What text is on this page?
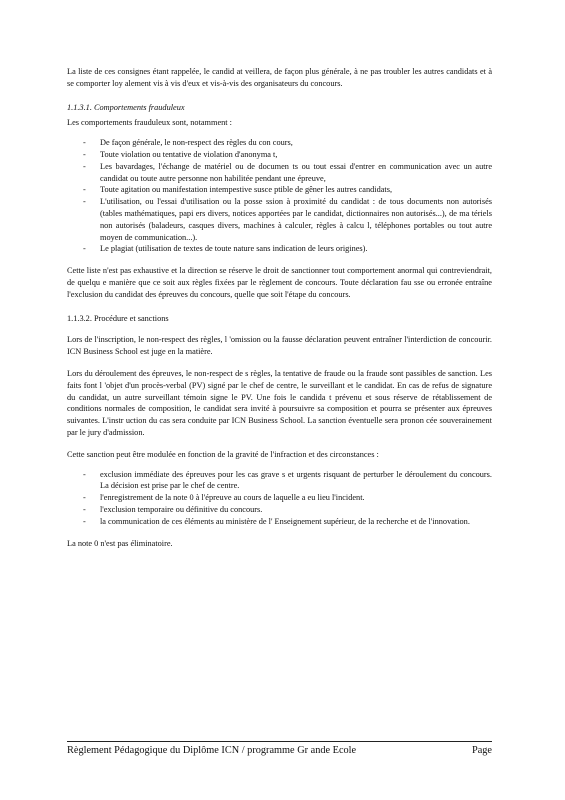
La liste de ces consignes étant rappelée, le candid at veillera, de façon plus générale, à ne pas troubler les autres candidats et à se comporter loy alement vis à vis d'eux et vis-à-vis des organisateurs du concours.

1.1.3.1. Comportements frauduleux

Les comportements frauduleux sont, notamment :

- De façon générale, le non-respect des règles du con cours,
- Toute violation ou tentative de violation d'anonyma t,
- Les bavardages, l'échange de matériel ou de documen ts ou tout essai d'entrer en communication avec un autre candidat ou toute autre personne non habilitée pendant une épreuve,
- Toute agitation ou manifestation intempestive susce ptible de gêner les autres candidats,
- L'utilisation, ou l'essai d'utilisation ou la posse ssion à proximité du candidat : de tous documents non autorisés (tables mathématiques, papi ers divers, notices apportées par le candidat, dictionnaires non autorisés...), de ma tériels non autorisés (baladeurs, casques divers, machines à calculer, règles à calcu l, téléphones portables ou tout autre moyen de communication...).
- Le plagiat (utilisation de textes de toute nature sans indication de leurs origines).

Cette liste n'est pas exhaustive et la direction se réserve le droit de sanctionner tout comportement anormal qui contreviendrait, de quelqu e manière que ce soit aux règles fixées par le règlement de concours. Toute déclaration fau sse ou erronée entraîne l'exclusion du candidat des épreuves du concours, quelle que soit l'étape du concours.

1.1.3.2. Procédure et sanctions

Lors de l'inscription, le non-respect des règles, l 'omission ou la fausse déclaration peuvent entraîner l'interdiction de concourir. ICN Business School est juge en la matière.

Lors du déroulement des épreuves, le non-respect de s règles, la tentative de fraude ou la fraude sont passibles de sanction. Les faits font l 'objet d'un procès-verbal (PV) signé par le chef de centre, le surveillant et le candidat. En cas de refus de signature du candidat, un autre surveillant témoin signe le PV. Une fois le candida t prévenu et sous réserve de rétablissement de conditions normales de composition, le candidat sera invité à poursuivre sa composition et pourra se présenter aux épreuves suivantes. L'instr uction du cas sera conduite par ICN Business School. La sanction éventuelle sera pronon cée souverainement par le jury d'admission.

Cette sanction peut être modulée en fonction de la gravité de l'infraction et des circonstances :

- exclusion immédiate des épreuves pour les cas grave s et urgents risquant de perturber le déroulement du concours. La décision est prise par le chef de centre.
- l'enregistrement de la note 0 à l'épreuve au cours de laquelle a eu lieu l'incident.
- l'exclusion temporaire ou définitive du concours.
- la communication de ces éléments au ministère de l' Enseignement supérieur, de la recherche et de l'innovation.

La note 0 n'est pas éliminatoire.

Règlement Pédagogique du Diplôme ICN / programme Gr ande Ecole	Page
